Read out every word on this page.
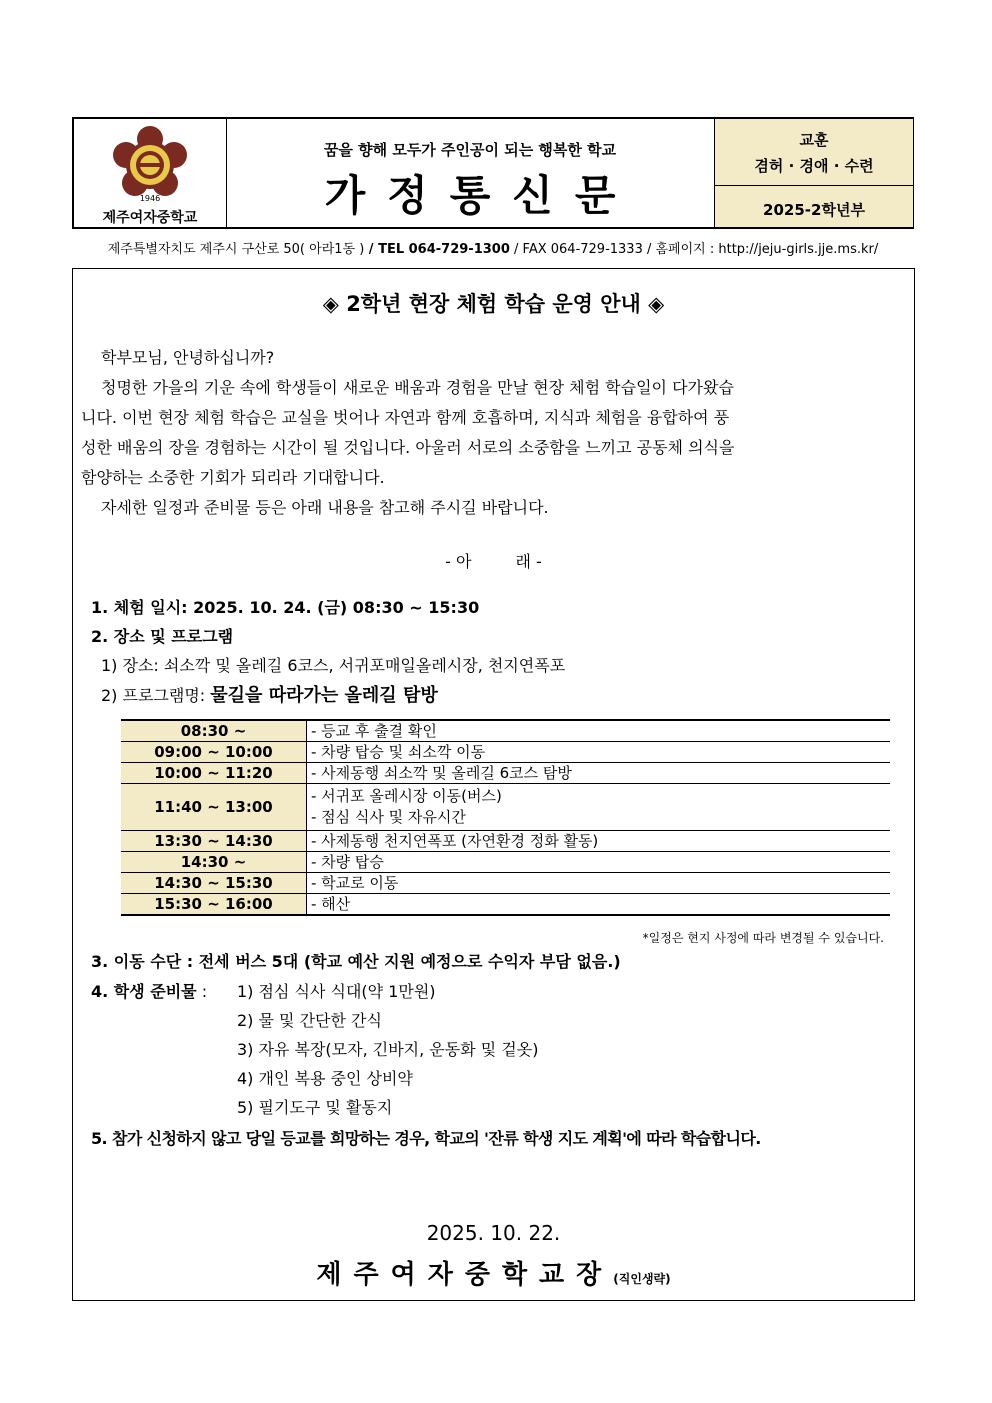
1946
제주여자중학교
꿈을 향해 모두가 주인공이 되는 행복한 학교
가정통신문
교훈
겸허 · 경애 · 수련
2025-2학년부
제주특별자치도 제주시 구산로 50( 아라1동 ) / TEL 064-729-1300 / FAX 064-729-1333 / 홈페이지 : http://jeju-girls.jje.ms.kr/
◈ 2학년 현장 체험 학습 운영 안내 ◈
학부모님, 안녕하십니까?
청명한 가을의 기운 속에 학생들이 새로운 배움과 경험을 만날 현장 체험 학습일이 다가왔습
니다. 이번 현장 체험 학습은 교실을 벗어나 자연과 함께 호흡하며, 지식과 체험을 융합하여 풍
성한 배움의 장을 경험하는 시간이 될 것입니다. 아울러 서로의 소중함을 느끼고 공동체 의식을
함양하는 소중한 기회가 되리라 기대합니다.
자세한 일정과 준비물 등은 아래 내용을 참고해 주시길 바랍니다.
- 아	래 -
1. 체험 일시: 2025. 10. 24. (금) 08:30 ~ 15:30
2. 장소 및 프로그램
1) 장소: 쇠소깍 및 올레길 6코스, 서귀포매일올레시장, 천지연폭포
2) 프로그램명: 물길을 따라가는 올레길 탐방
08:30 ~	- 등교 후 출결 확인
09:00 ~ 10:00	- 차량 탑승 및 쇠소깍 이동
10:00 ~ 11:20	- 사제동행 쇠소깍 및 올레길 6코스 탐방
11:40 ~ 13:00	- 서귀포 올레시장 이동(버스)
- 점심 식사 및 자유시간

13:30 ~ 14:30	- 사제동행 천지연폭포 (자연환경 정화 활동)
14:30 ~	- 차량 탑승
14:30 ~ 15:30	- 학교로 이동
15:30 ~ 16:00	- 해산
*일정은 현지 사정에 따라 변경될 수 있습니다.
3. 이동 수단 : 전세 버스 5대 (학교 예산 지원 예정으로 수익자 부담 없음.)
4. 학생 준비물 : 1) 점심 식사 식대(약 1만원)
2) 물 및 간단한 간식
3) 자유 복장(모자, 긴바지, 운동화 및 겉옷)
4) 개인 복용 중인 상비약
5) 필기도구 및 활동지
5. 참가 신청하지 않고 당일 등교를 희망하는 경우, 학교의 '잔류 학생 지도 계획'에 따라 학습합니다.
2025. 10. 22.
제주여자중학교장(직인생략)
